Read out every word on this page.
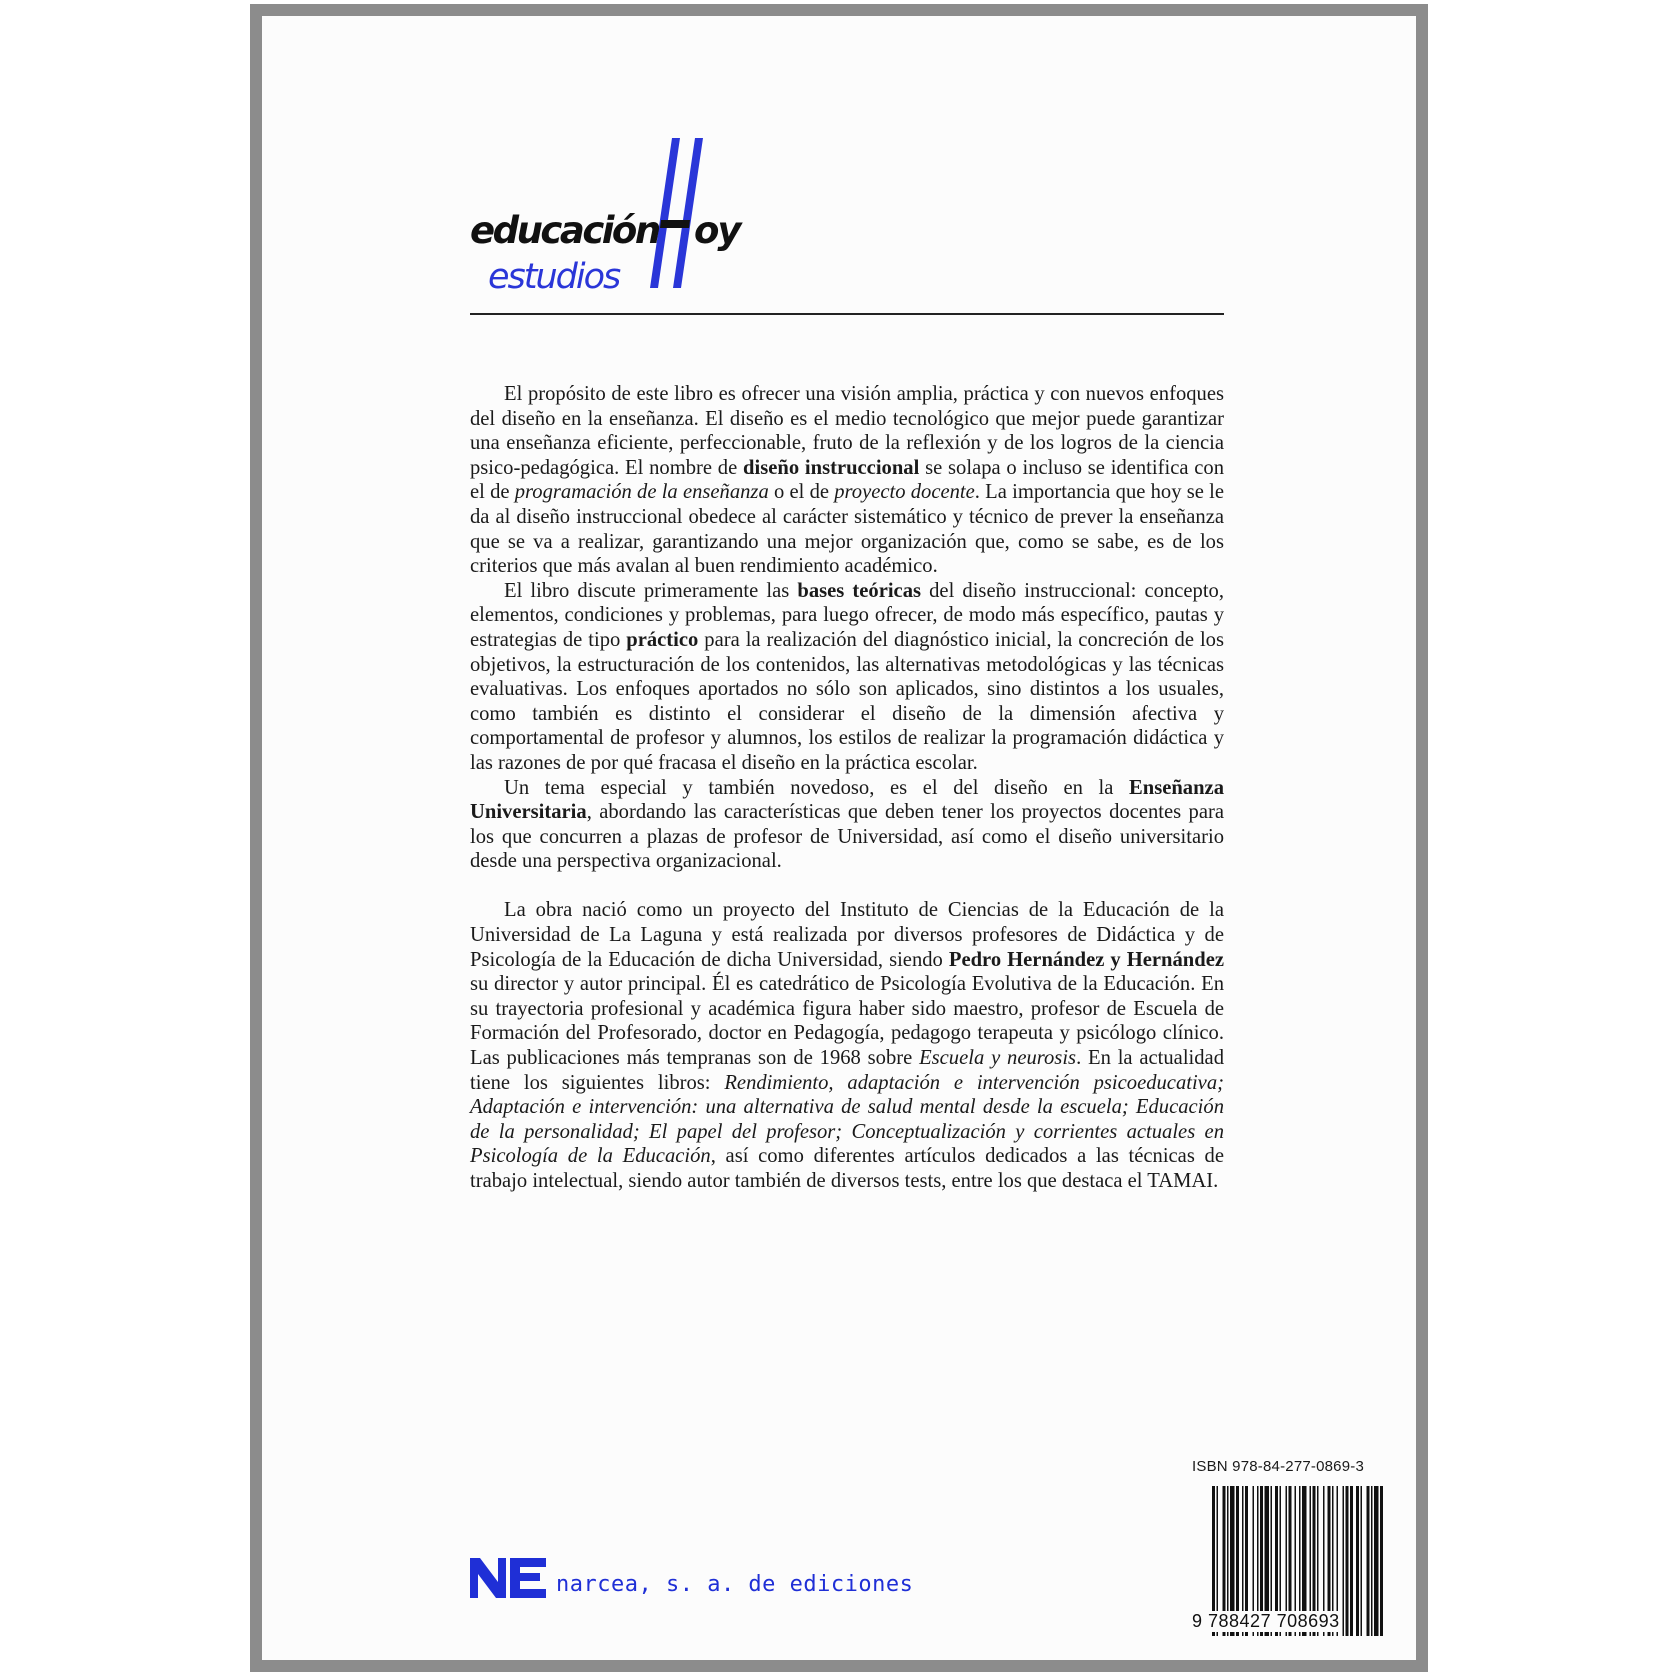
educación oy
estudios

El propósito de este libro es ofrecer una visión amplia, práctica y con nuevos enfoques del diseño en la enseñanza. El diseño es el medio tecnológico que mejor puede garantizar una enseñanza eficiente, perfeccionable, fruto de la reflexión y de los logros de la ciencia psico-pedagógica. El nombre de diseño instruccional se solapa o incluso se identifica con el de programación de la enseñanza o el de proyecto docente. La importancia que hoy se le da al diseño instruccional obedece al carácter sistemático y técnico de prever la enseñanza que se va a realizar, garantizando una mejor organización que, como se sabe, es de los criterios que más avalan al buen rendimiento académico.

El libro discute primeramente las bases teóricas del diseño instruccional: concepto, elementos, condiciones y problemas, para luego ofrecer, de modo más específico, pautas y estrategias de tipo práctico para la realización del diagnóstico inicial, la concreción de los objetivos, la estructuración de los contenidos, las alternativas metodológicas y las técnicas evaluativas. Los enfoques aportados no sólo son aplicados, sino distintos a los usuales, como también es distinto el considerar el diseño de la dimensión afectiva y comportamental de profesor y alumnos, los estilos de realizar la programación didáctica y las razones de por qué fracasa el diseño en la práctica escolar.

Un tema especial y también novedoso, es el del diseño en la Enseñanza Universitaria, abordando las características que deben tener los proyectos docentes para los que concurren a plazas de profesor de Universidad, así como el diseño universitario desde una perspectiva organizacional.

La obra nació como un proyecto del Instituto de Ciencias de la Educación de la Universidad de La Laguna y está realizada por diversos profesores de Didáctica y de Psicología de la Educación de dicha Universidad, siendo Pedro Hernández y Hernández su director y autor principal. Él es catedrático de Psicología Evolutiva de la Educación. En su trayectoria profesional y académica figura haber sido maestro, profesor de Escuela de Formación del Profesorado, doctor en Pedagogía, pedagogo terapeuta y psicólogo clínico. Las publicaciones más tempranas son de 1968 sobre Escuela y neurosis. En la actualidad tiene los siguientes libros: Rendimiento, adaptación e intervención psicoeducativa; Adaptación e intervención: una alternativa de salud mental desde la escuela; Educación de la personalidad; El papel del profesor; Conceptualización y corrientes actuales en Psicología de la Educación, así como diferentes artículos dedicados a las técnicas de trabajo intelectual, siendo autor también de diversos tests, entre los que destaca el TAMAI.

ISBN 978-84-277-0869-3
9 788427 708693
narcea, s. a. de ediciones
